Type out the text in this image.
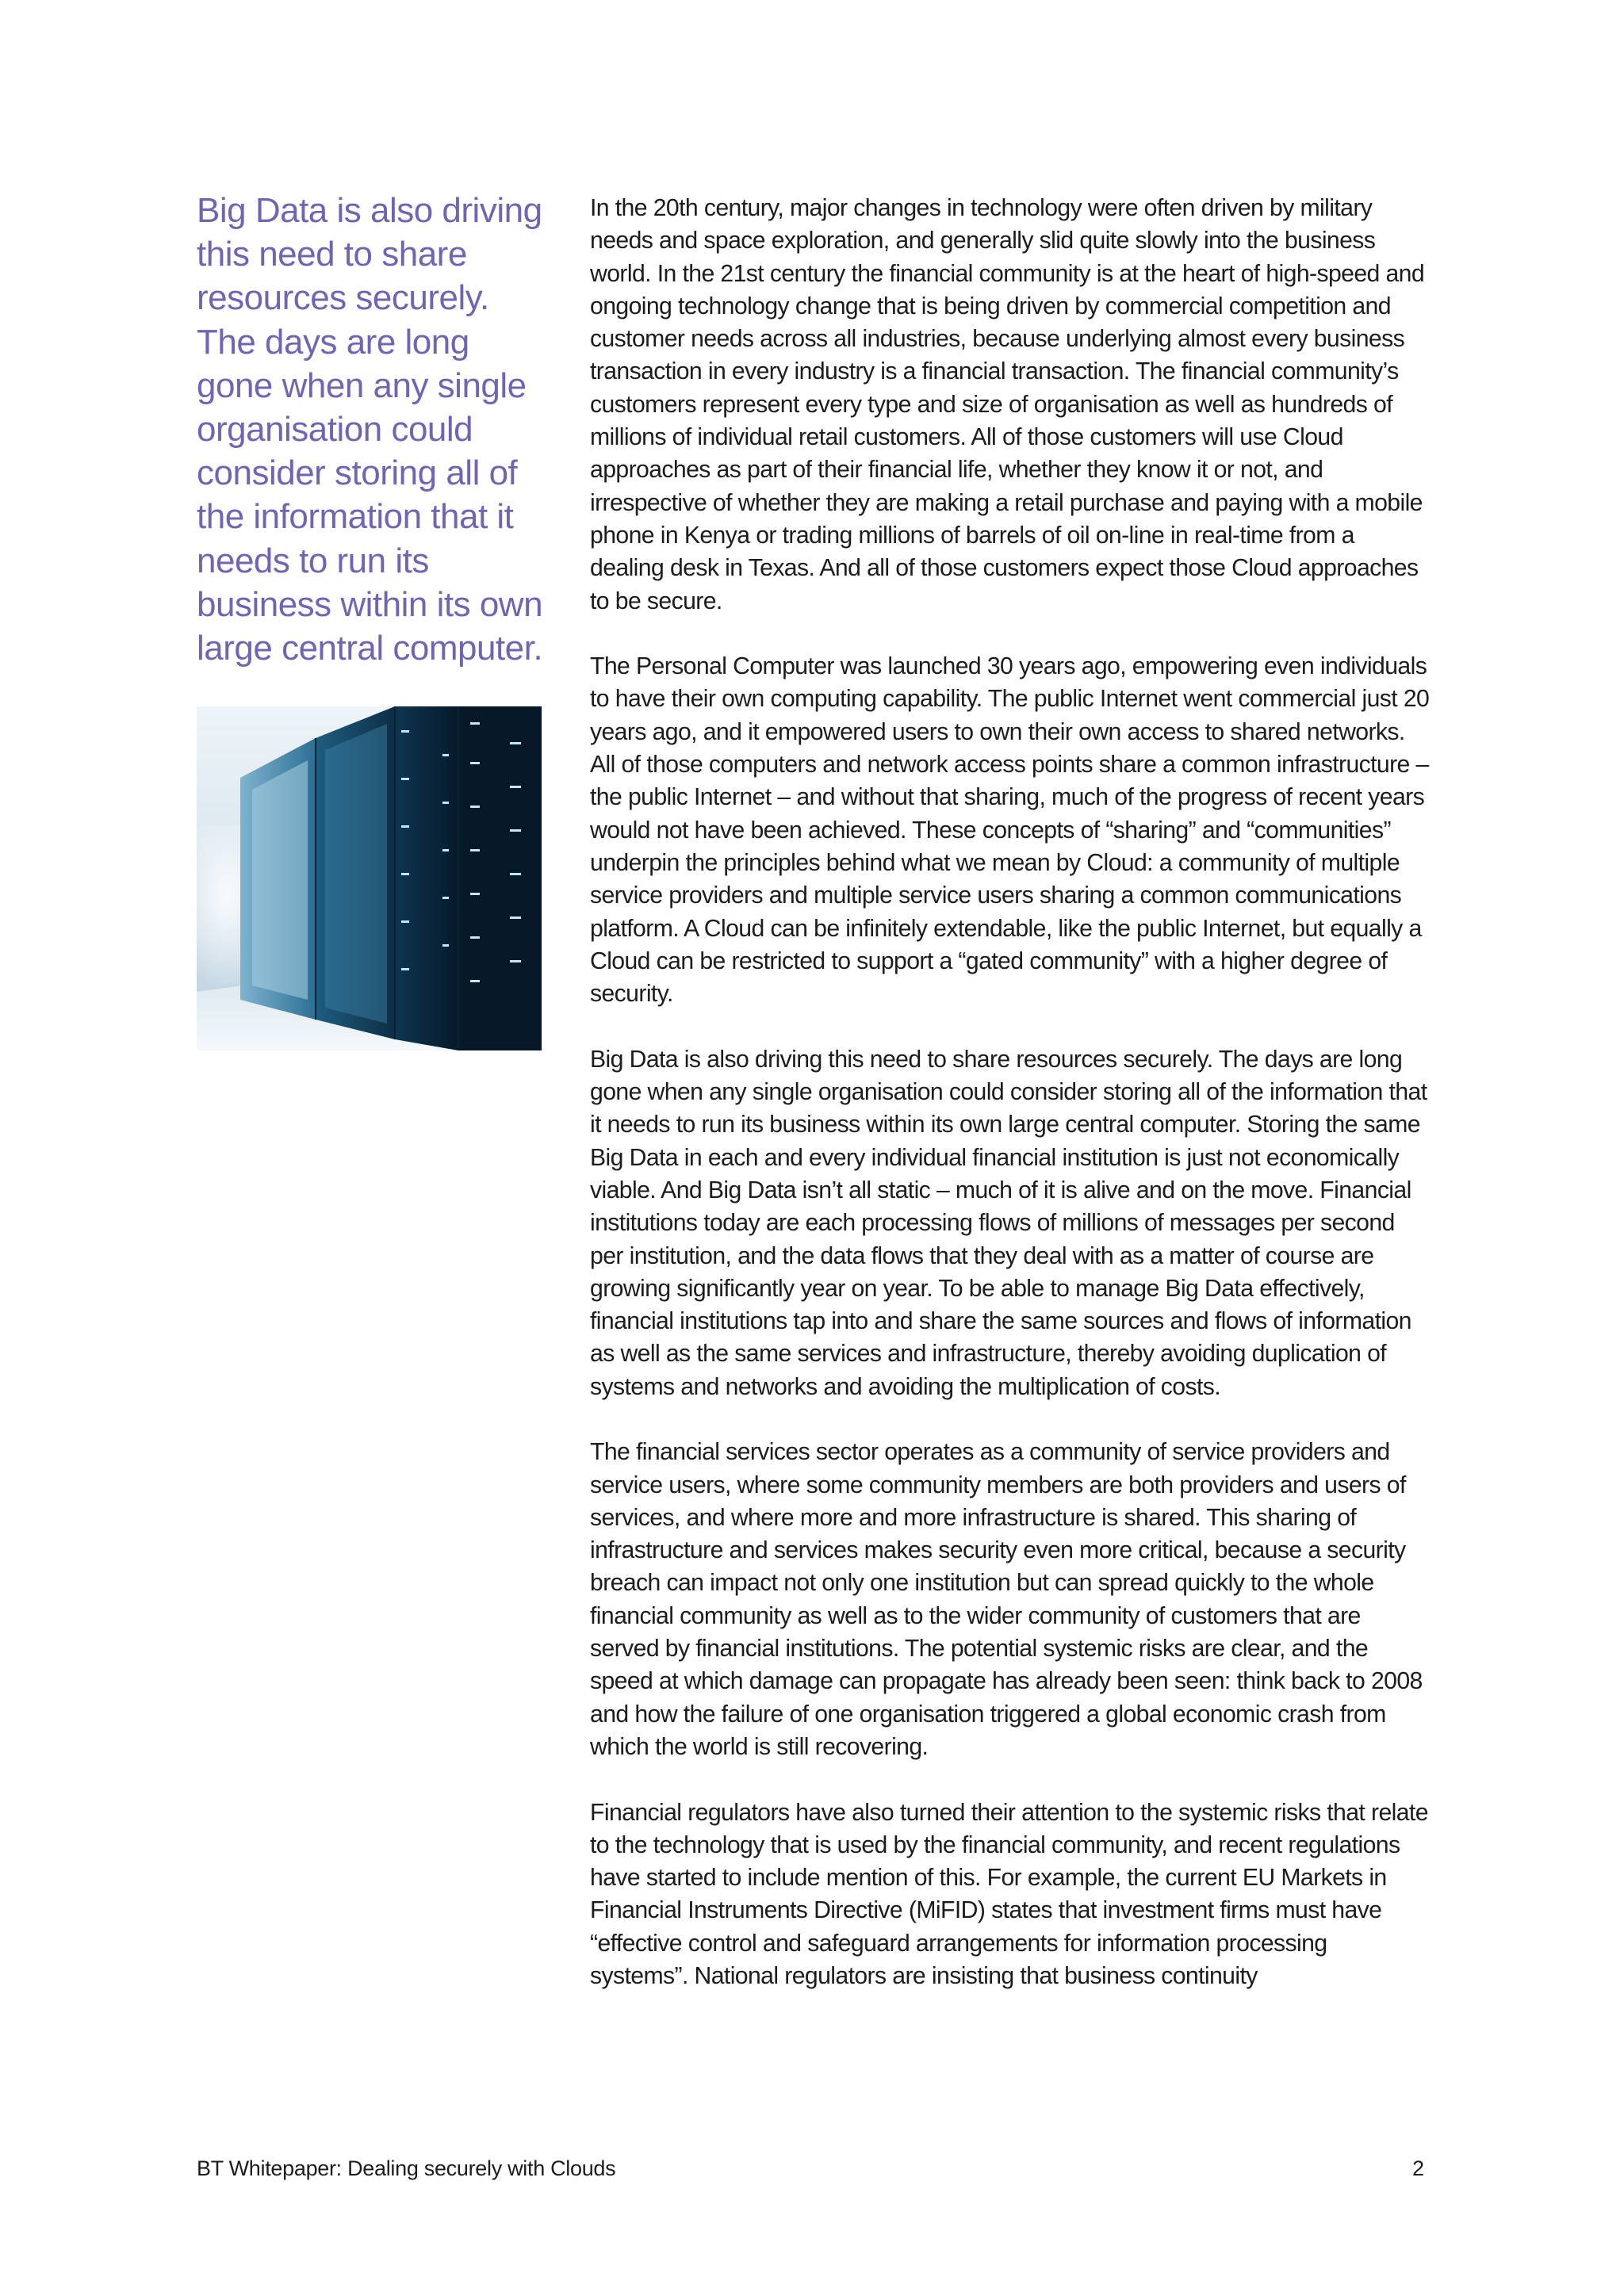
Big Data is also driving this need to share resources securely. The days are long gone when any single organisation could consider storing all of the information that it needs to run its business within its own large central computer.

In the 20th century, major changes in technology were often driven by military needs and space exploration, and generally slid quite slowly into the business world. In the 21st century the financial community is at the heart of high-speed and ongoing technology change that is being driven by commercial competition and customer needs across all industries, because underlying almost every business transaction in every industry is a financial transaction. The financial community’s customers represent every type and size of organisation as well as hundreds of millions of individual retail customers. All of those customers will use Cloud approaches as part of their financial life, whether they know it or not, and irrespective of whether they are making a retail purchase and paying with a mobile phone in Kenya or trading millions of barrels of oil on-line in real-time from a dealing desk in Texas. And all of those customers expect those Cloud approaches to be secure.

The Personal Computer was launched 30 years ago, empowering even individuals to have their own computing capability. The public Internet went commercial just 20 years ago, and it empowered users to own their own access to shared networks. All of those computers and network access points share a common infrastructure – the public Internet – and without that sharing, much of the progress of recent years would not have been achieved. These concepts of “sharing” and “communities” underpin the principles behind what we mean by Cloud: a community of multiple service providers and multiple service users sharing a common communications platform. A Cloud can be infinitely extendable, like the public Internet, but equally a Cloud can be restricted to support a “gated community” with a higher degree of security.

Big Data is also driving this need to share resources securely. The days are long gone when any single organisation could consider storing all of the information that it needs to run its business within its own large central computer. Storing the same Big Data in each and every individual financial institution is just not economically viable. And Big Data isn’t all static – much of it is alive and on the move. Financial institutions today are each processing flows of millions of messages per second per institution, and the data flows that they deal with as a matter of course are growing significantly year on year. To be able to manage Big Data effectively, financial institutions tap into and share the same sources and flows of information as well as the same services and infrastructure, thereby avoiding duplication of systems and networks and avoiding the multiplication of costs.

The financial services sector operates as a community of service providers and service users, where some community members are both providers and users of services, and where more and more infrastructure is shared. This sharing of infrastructure and services makes security even more critical, because a security breach can impact not only one institution but can spread quickly to the whole financial community as well as to the wider community of customers that are served by financial institutions. The potential systemic risks are clear, and the speed at which damage can propagate has already been seen: think back to 2008 and how the failure of one organisation triggered a global economic crash from which the world is still recovering.

Financial regulators have also turned their attention to the systemic risks that relate to the technology that is used by the financial community, and recent regulations have started to include mention of this. For example, the current EU Markets in Financial Instruments Directive (MiFID) states that investment firms must have “effective control and safeguard arrangements for information processing systems”. National regulators are insisting that business continuity

BT Whitepaper: Dealing securely with Clouds	2
